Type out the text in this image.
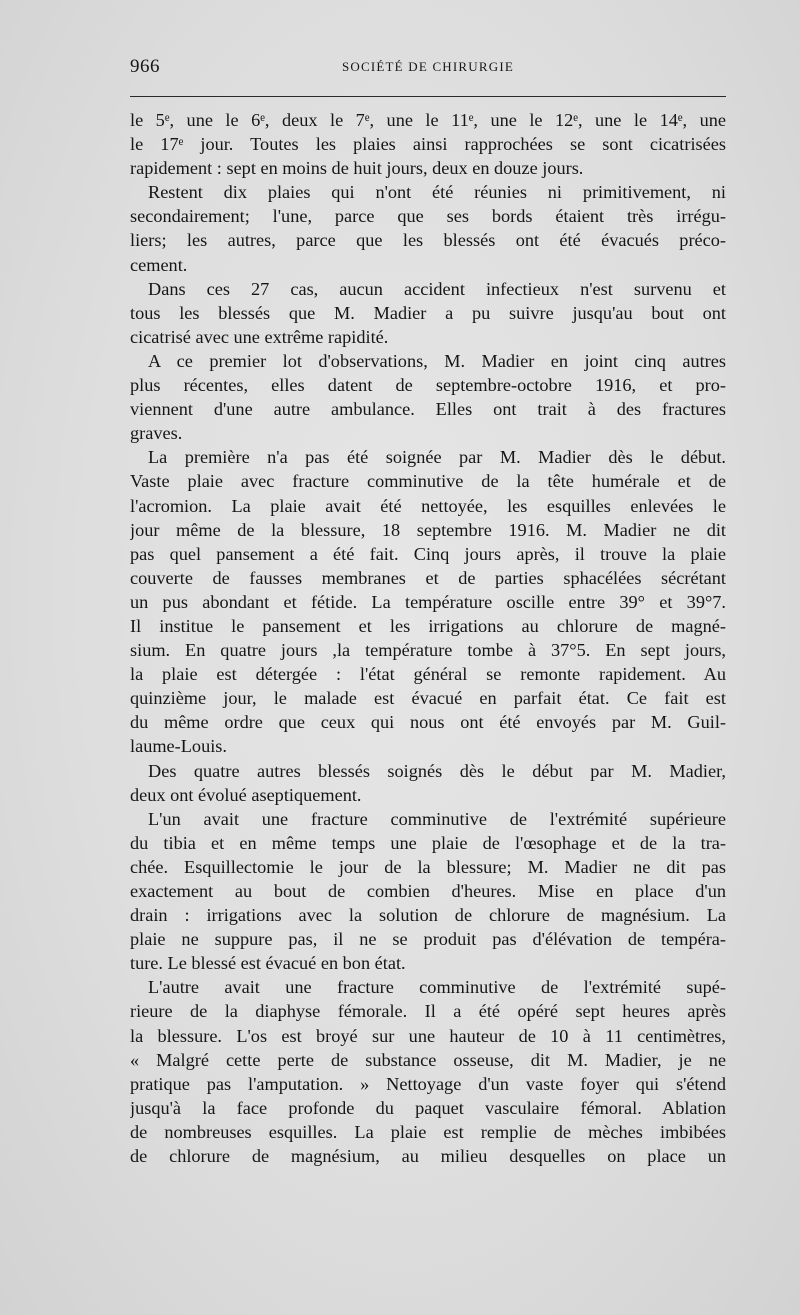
966	SOCIÉTÉ DE CHIRURGIE
le 5ᵉ, une le 6ᵉ, deux le 7ᵉ, une le 11ᵉ, une le 12ᵉ, une le 14ᵉ, une
le 17ᵉ jour. Toutes les plaies ainsi rapprochées se sont cicatrisées
rapidement : sept en moins de huit jours, deux en douze jours.
Restent dix plaies qui n'ont été réunies ni primitivement, ni
secondairement; l'une, parce que ses bords étaient très irrégu-
liers; les autres, parce que les blessés ont été évacués préco-
cement.
Dans ces 27 cas, aucun accident infectieux n'est survenu et
tous les blessés que M. Madier a pu suivre jusqu'au bout ont
cicatrisé avec une extrême rapidité.
A ce premier lot d'observations, M. Madier en joint cinq autres
plus récentes, elles datent de septembre-octobre 1916, et pro-
viennent d'une autre ambulance. Elles ont trait à des fractures
graves.
La première n'a pas été soignée par M. Madier dès le début.
Vaste plaie avec fracture comminutive de la tête humérale et de
l'acromion. La plaie avait été nettoyée, les esquilles enlevées le
jour même de la blessure, 18 septembre 1916. M. Madier ne dit
pas quel pansement a été fait. Cinq jours après, il trouve la plaie
couverte de fausses membranes et de parties sphacélées sécrétant
un pus abondant et fétide. La température oscille entre 39° et 39°7.
Il institue le pansement et les irrigations au chlorure de magné-
sium. En quatre jours ,la température tombe à 37°5. En sept jours,
la plaie est détergée : l'état général se remonte rapidement. Au
quinzième jour, le malade est évacué en parfait état. Ce fait est
du même ordre que ceux qui nous ont été envoyés par M. Guil-
laume-Louis.
Des quatre autres blessés soignés dès le début par M. Madier,
deux ont évolué aseptiquement.
L'un avait une fracture comminutive de l'extrémité supérieure
du tibia et en même temps une plaie de l'œsophage et de la tra-
chée. Esquillectomie le jour de la blessure; M. Madier ne dit pas
exactement au bout de combien d'heures. Mise en place d'un
drain : irrigations avec la solution de chlorure de magnésium. La
plaie ne suppure pas, il ne se produit pas d'élévation de tempéra-
ture. Le blessé est évacué en bon état.
L'autre avait une fracture comminutive de l'extrémité supé-
rieure de la diaphyse fémorale. Il a été opéré sept heures après
la blessure. L'os est broyé sur une hauteur de 10 à 11 centimètres,
« Malgré cette perte de substance osseuse, dit M. Madier, je ne
pratique pas l'amputation. » Nettoyage d'un vaste foyer qui s'étend
jusqu'à la face profonde du paquet vasculaire fémoral. Ablation
de nombreuses esquilles. La plaie est remplie de mèches imbibées
de chlorure de magnésium, au milieu desquelles on place un
